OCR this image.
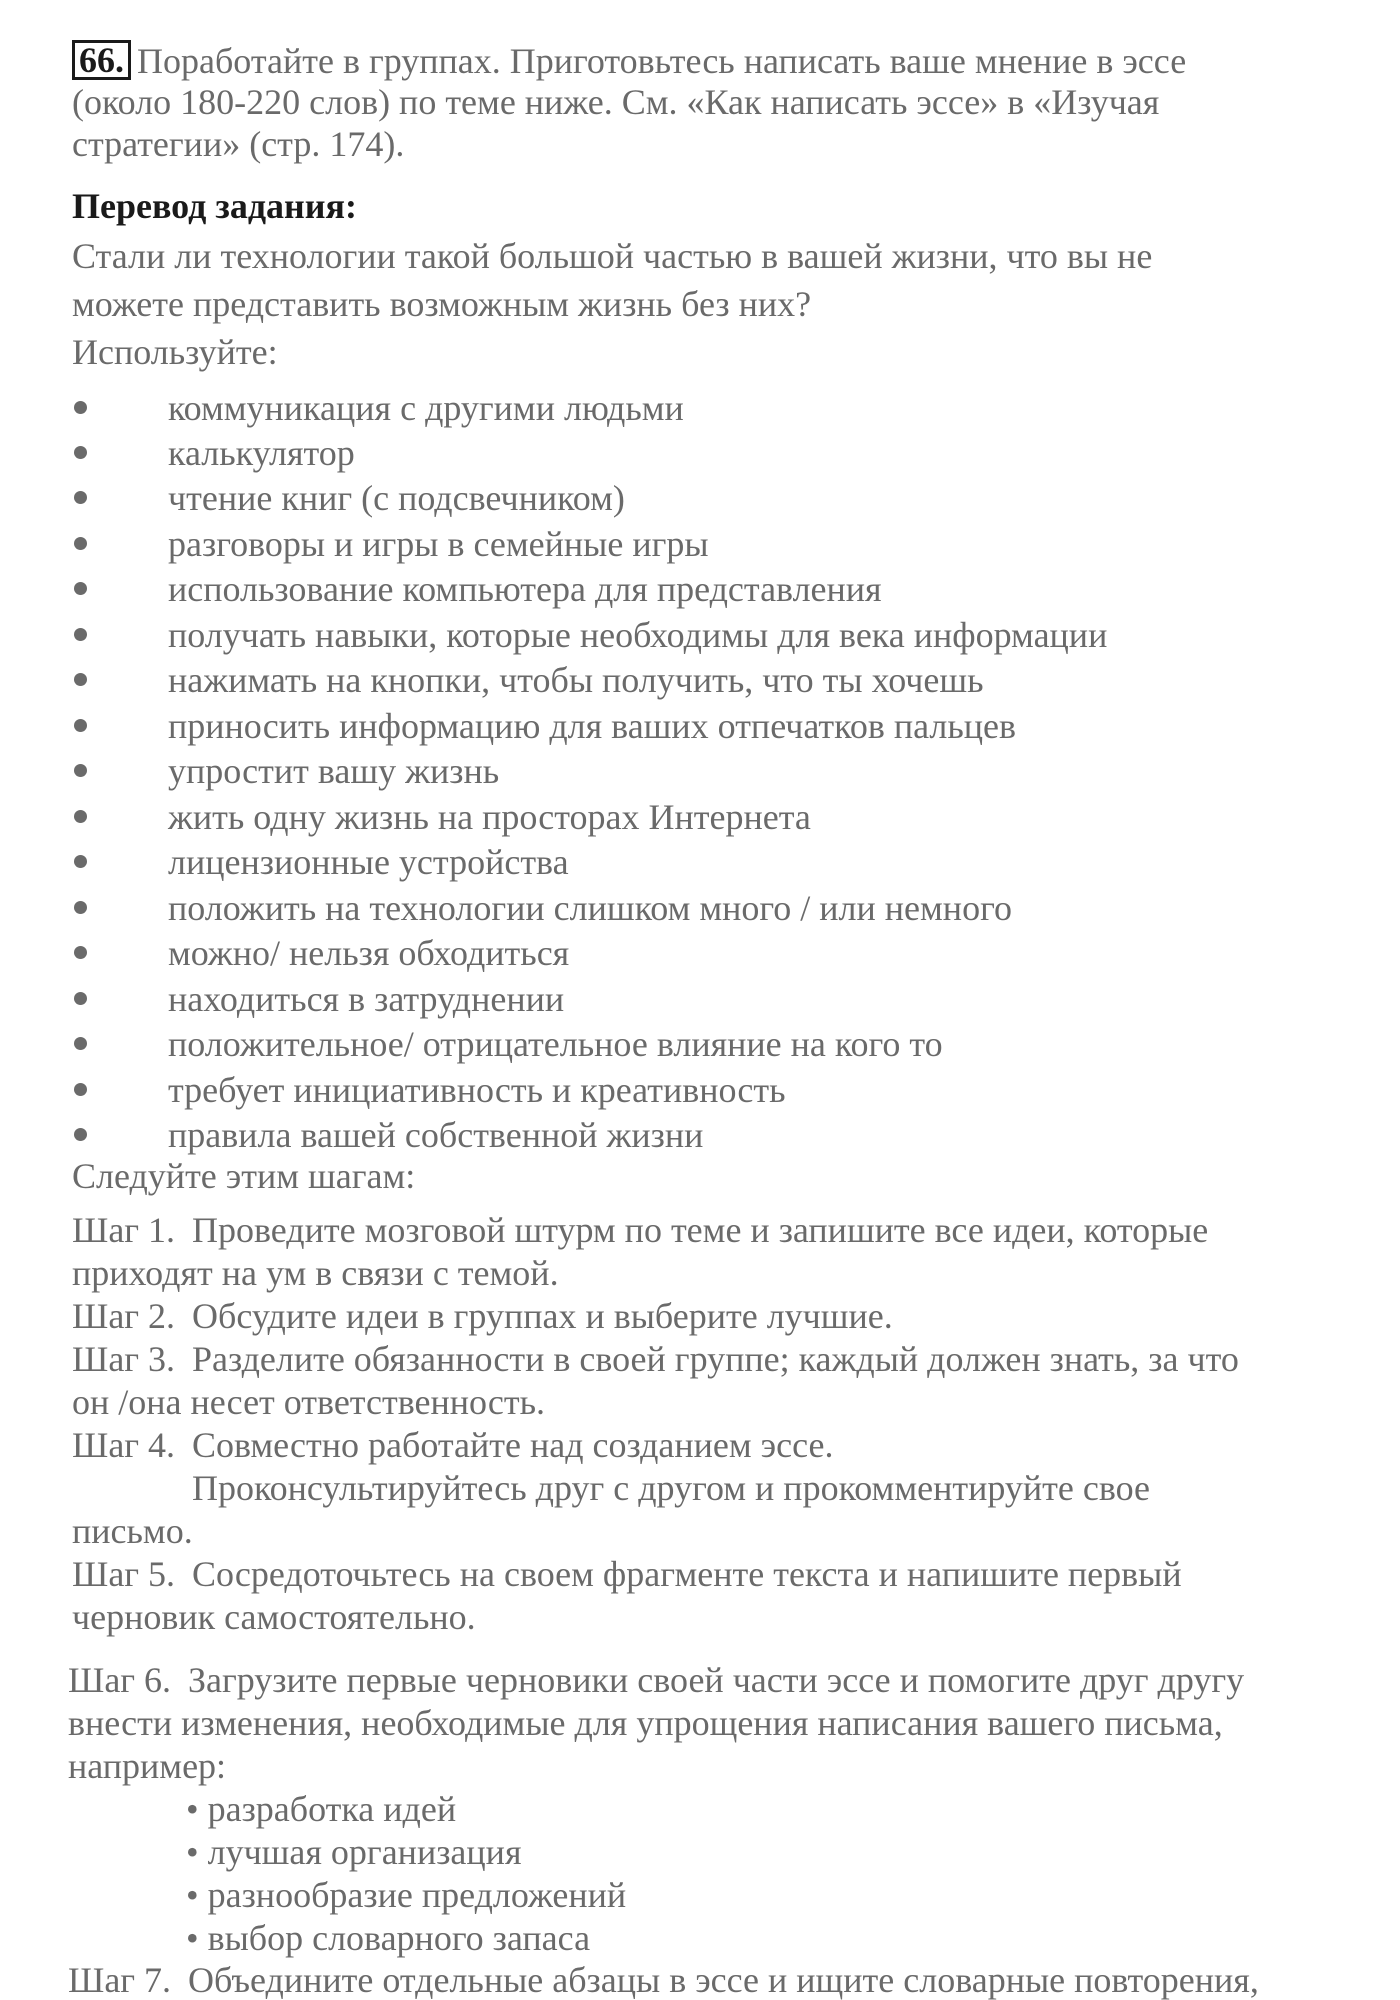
66. Поработайте в группах. Приготовьтесь написать ваше мнение в эссе
(около 180-220 слов) по теме ниже. См. «Как написать эссе» в «Изучая
стратегии» (стр. 174).
Перевод задания:
Стали ли технологии такой большой частью в вашей жизни, что вы не
можете представить возможным жизнь без них?
Используйте:
коммуникация с другими людьми
калькулятор
чтение книг (с подсвечником)
разговоры и игры в семейные игры
использование компьютера для представления
получать навыки, которые необходимы для века информации
нажимать на кнопки, чтобы получить, что ты хочешь
приносить информацию для ваших отпечатков пальцев
упростит вашу жизнь
жить одну жизнь на просторах Интернета
лицензионные устройства
положить на технологии слишком много / или немного
можно/ нельзя обходиться
находиться в затруднении
положительное/ отрицательное влияние на кого то
требует инициативность и креативность
правила вашей собственной жизни
Следуйте этим шагам:
Шаг 1. Проведите мозговой штурм по теме и запишите все идеи, которые
приходят на ум в связи с темой.
Шаг 2. Обсудите идеи в группах и выберите лучшие.
Шаг 3. Разделите обязанности в своей группе; каждый должен знать, за что
он /она несет ответственность.
Шаг 4. Совместно работайте над созданием эссе.
Проконсультируйтесь друг с другом и прокомментируйте свое
письмо.
Шаг 5. Сосредоточьтесь на своем фрагменте текста и напишите первый
черновик самостоятельно.
Шаг 6. Загрузите первые черновики своей части эссе и помогите друг другу
внести изменения, необходимые для упрощения написания вашего письма,
например:
• разработка идей
• лучшая организация
• разнообразие предложений
• выбор словарного запаса
Шаг 7. Объедините отдельные абзацы в эссе и ищите словарные повторения,
